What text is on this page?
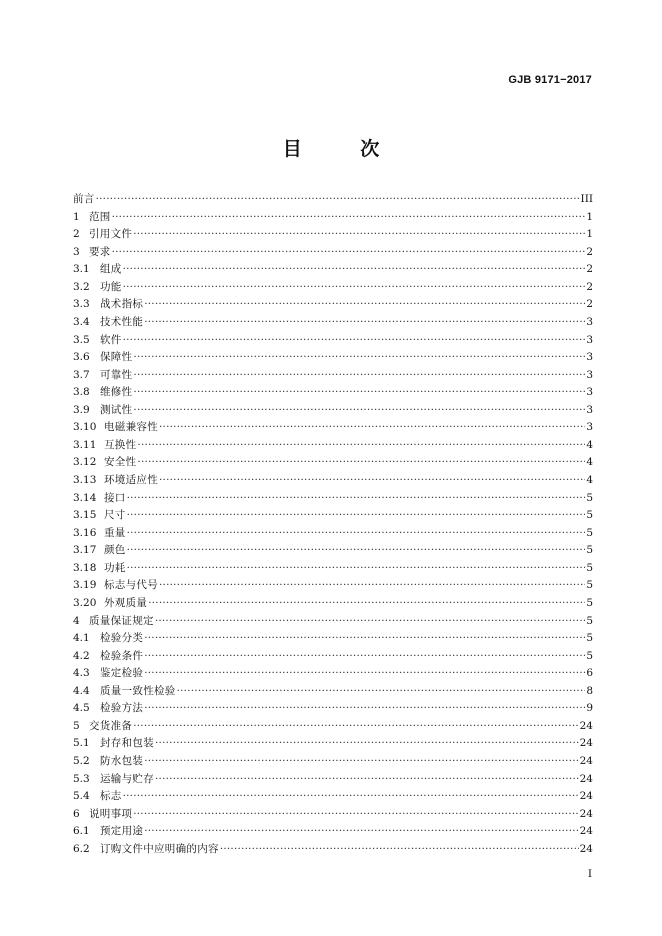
GJB 9171−2017
目 次
前言 ·····	III
1 范围 ·····	1
2 引用文件 ·····	1
3 要求 ·····	2
3.1 组成 ·····	2
3.2 功能 ·····	2
3.3 战术指标 ·····	2
3.4 技术性能 ·····	3
3.5 软件 ·····	3
3.6 保障性 ·····	3
3.7 可靠性 ·····	3
3.8 维修性 ·····	3
3.9 测试性 ·····	3
3.10 电磁兼容性 ·····	3
3.11 互换性 ·····	4
3.12 安全性 ·····	4
3.13 环境适应性 ·····	4
3.14 接口 ·····	5
3.15 尺寸 ·····	5
3.16 重量 ·····	5
3.17 颜色 ·····	5
3.18 功耗 ·····	5
3.19 标志与代号 ·····	5
3.20 外观质量 ·····	5
4 质量保证规定 ·····	5
4.1 检验分类 ·····	5
4.2 检验条件 ·····	5
4.3 鉴定检验 ·····	6
4.4 质量一致性检验 ·····	8
4.5 检验方法 ·····	9
5 交货准备 ·····	24
5.1 封存和包装 ·····	24
5.2 防水包装 ·····	24
5.3 运输与贮存 ·····	24
5.4 标志 ·····	24
6 说明事项 ·····	24
6.1 预定用途 ·····	24
6.2 订购文件中应明确的内容 ·····	24
I
